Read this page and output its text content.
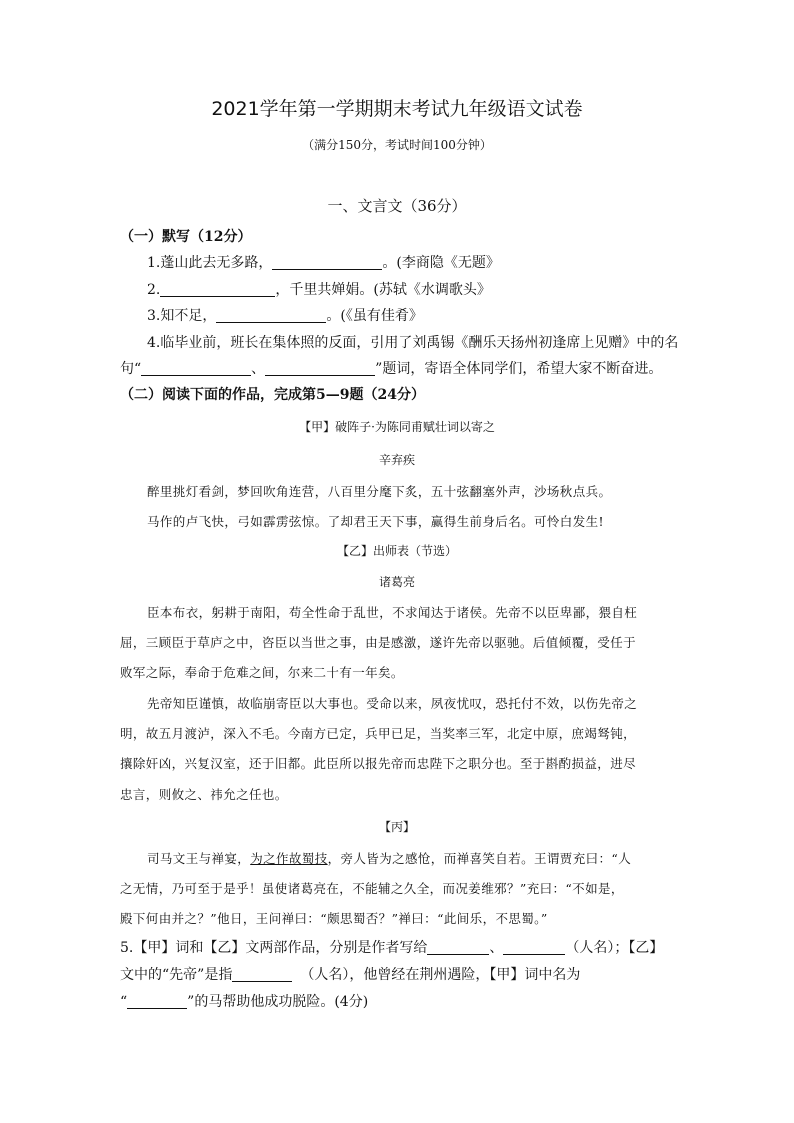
2021学年第一学期期末考试九年级语文试卷
（满分150分，考试时间100分钟）
一、文言文（36分）
（一）默写（12分）
1.蓬山此去无多路，	。(李商隐《无题》
2.	，千里共婵娟。(苏轼《水调歌头》
3.知不足，	。(《虽有佳肴》
4.临毕业前，班长在集体照的反面，引用了刘禹锡《酬乐天扬州初逢席上见赠》中的名
句“	、	”题词，寄语全体同学们，希望大家不断奋进。
（二）阅读下面的作品，完成第5—9题（24分）
【甲】破阵子·为陈同甫赋壮词以寄之
辛弃疾
醉里挑灯看剑，梦回吹角连营，八百里分麾下炙，五十弦翻塞外声，沙场秋点兵。
马作的卢飞快，弓如霹雳弦惊。了却君王天下事，赢得生前身后名。可怜白发生!
【乙】出师表（节选）
诸葛亮
臣本布衣，躬耕于南阳，苟全性命于乱世，不求闻达于诸侯。先帝不以臣卑鄙，猥自枉
屈，三顾臣于草庐之中，咨臣以当世之事，由是感激，遂许先帝以驱驰。后值倾覆，受任于
败军之际，奉命于危难之间，尔来二十有一年矣。
先帝知臣谨慎，故临崩寄臣以大事也。受命以来，夙夜忧叹，恐托付不效，以伤先帝之
明，故五月渡泸，深入不毛。今南方已定，兵甲已足，当奖率三军，北定中原，庶竭驽钝，
攘除奸凶，兴复汉室，还于旧都。此臣所以报先帝而忠陛下之职分也。至于斟酌损益，进尽
忠言，则攸之、祎允之任也。
【丙】
司马文王与禅宴，为之作故蜀技，旁人皆为之感怆，而禅喜笑自若。王谓贾充曰：“人
之无情，乃可至于是乎！虽使诸葛亮在，不能辅之久全，而况姜维邪？”充曰：“不如是，
殿下何由并之？”他日，王问禅曰：“颇思蜀否？”禅曰：“此间乐，不思蜀。”
5.【甲】词和【乙】文两部作品，分别是作者写给	、	（人名）；【乙】
文中的“先帝”是指	（人名），他曾经在荆州遇险，【甲】词中名为
“	”的马帮助他成功脱险。(4分)
